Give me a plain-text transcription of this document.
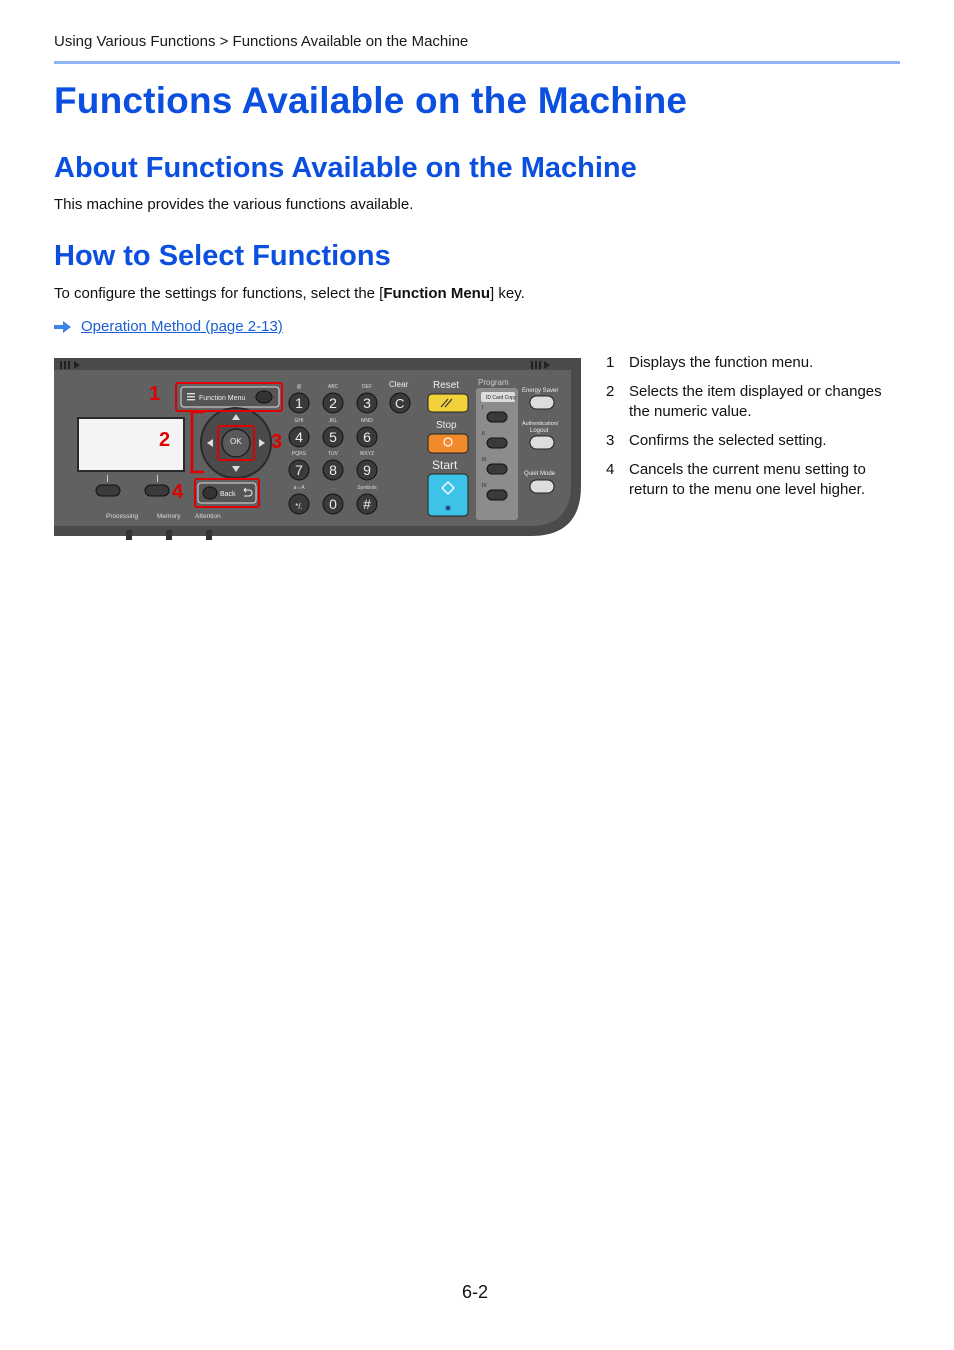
Using Various Functions > Functions Available on the Machine
Functions Available on the Machine
About Functions Available on the Machine
This machine provides the various functions available.
How to Select Functions
To configure the settings for functions, select the [Function Menu] key.
Operation Method (page 2-13)
Function Menu
OK
Back
1
2	3
4
@
1
ABC
2
DEF
3
GHI
4
JKL
5
MNO
6
PQRS
7
TUV
8
WXYZ
9
a⇔A
*/.
. ,
0
Symbols
#
Clear
C
Reset
Stop
Start
Program
ID Card Copy
I
II
III
IV
Energy Saver
Authentication/
Logout
Quiet Mode
Processing	Memory Attention
1 Displays the function menu.
2 Selects the item displayed or changes the numeric value.
3 Confirms the selected setting.
4 Cancels the current menu setting to return to the menu one level higher.
6-2
